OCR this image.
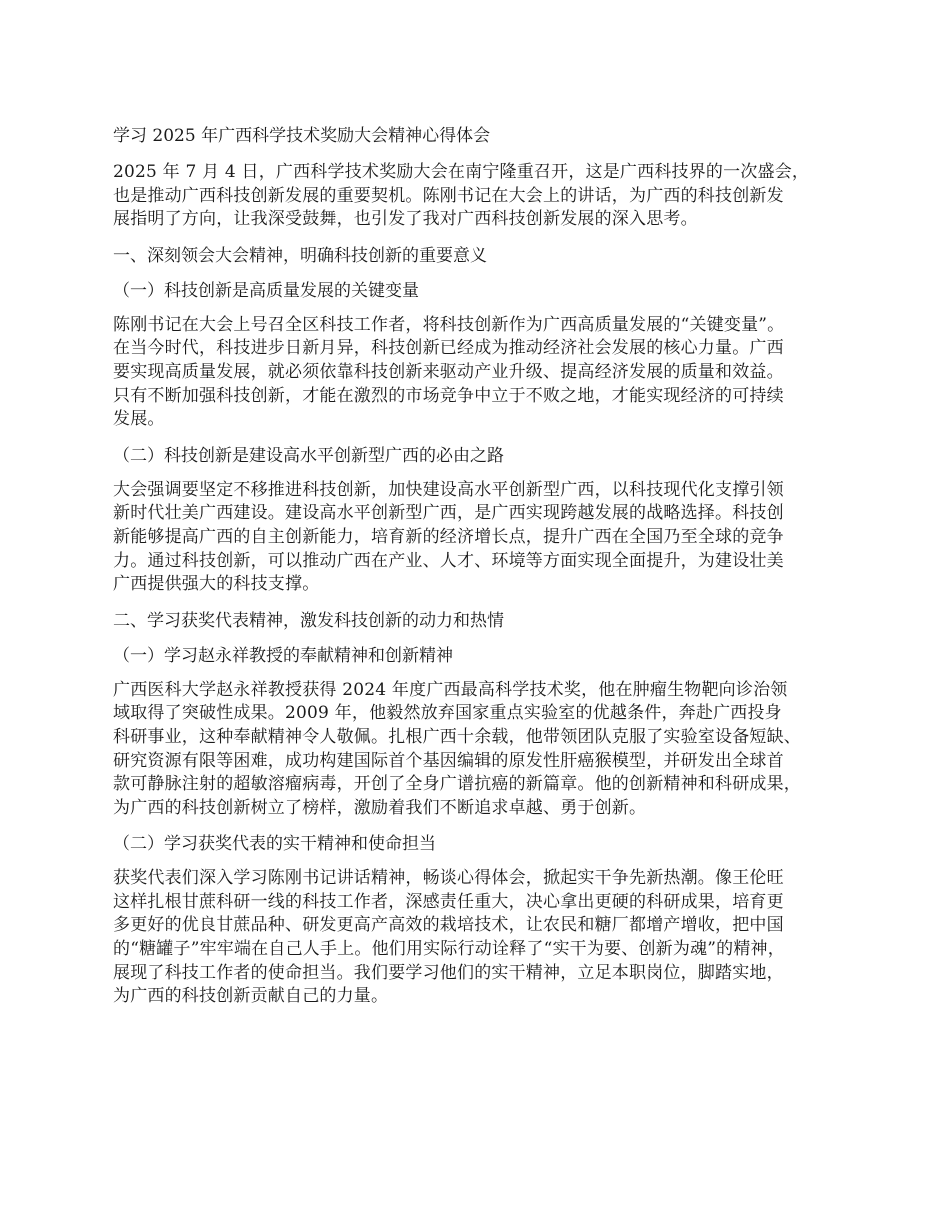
学习 2025 年广西科学技术奖励大会精神心得体会
2025 年 7 月 4 日，广西科学技术奖励大会在南宁隆重召开，这是广西科技界的一次盛会，
也是推动广西科技创新发展的重要契机。陈刚书记在大会上的讲话，为广西的科技创新发
展指明了方向，让我深受鼓舞，也引发了我对广西科技创新发展的深入思考。
一、深刻领会大会精神，明确科技创新的重要意义
（一）科技创新是高质量发展的关键变量
陈刚书记在大会上号召全区科技工作者，将科技创新作为广西高质量发展的“关键变量”。
在当今时代，科技进步日新月异，科技创新已经成为推动经济社会发展的核心力量。广西
要实现高质量发展，就必须依靠科技创新来驱动产业升级、提高经济发展的质量和效益。
只有不断加强科技创新，才能在激烈的市场竞争中立于不败之地，才能实现经济的可持续
发展。
（二）科技创新是建设高水平创新型广西的必由之路
大会强调要坚定不移推进科技创新，加快建设高水平创新型广西，以科技现代化支撑引领
新时代壮美广西建设。建设高水平创新型广西，是广西实现跨越发展的战略选择。科技创
新能够提高广西的自主创新能力，培育新的经济增长点，提升广西在全国乃至全球的竞争
力。通过科技创新，可以推动广西在产业、人才、环境等方面实现全面提升，为建设壮美
广西提供强大的科技支撑。
二、学习获奖代表精神，激发科技创新的动力和热情
（一）学习赵永祥教授的奉献精神和创新精神
广西医科大学赵永祥教授获得 2024 年度广西最高科学技术奖，他在肿瘤生物靶向诊治领
域取得了突破性成果。2009 年，他毅然放弃国家重点实验室的优越条件，奔赴广西投身
科研事业，这种奉献精神令人敬佩。扎根广西十余载，他带领团队克服了实验室设备短缺、
研究资源有限等困难，成功构建国际首个基因编辑的原发性肝癌猴模型，并研发出全球首
款可静脉注射的超敏溶瘤病毒，开创了全身广谱抗癌的新篇章。他的创新精神和科研成果，
为广西的科技创新树立了榜样，激励着我们不断追求卓越、勇于创新。
（二）学习获奖代表的实干精神和使命担当
获奖代表们深入学习陈刚书记讲话精神，畅谈心得体会，掀起实干争先新热潮。像王伦旺
这样扎根甘蔗科研一线的科技工作者，深感责任重大，决心拿出更硬的科研成果，培育更
多更好的优良甘蔗品种、研发更高产高效的栽培技术，让农民和糖厂都增产增收，把中国
的“糖罐子”牢牢端在自己人手上。他们用实际行动诠释了“实干为要、创新为魂”的精神，
展现了科技工作者的使命担当。我们要学习他们的实干精神，立足本职岗位，脚踏实地，
为广西的科技创新贡献自己的力量。
